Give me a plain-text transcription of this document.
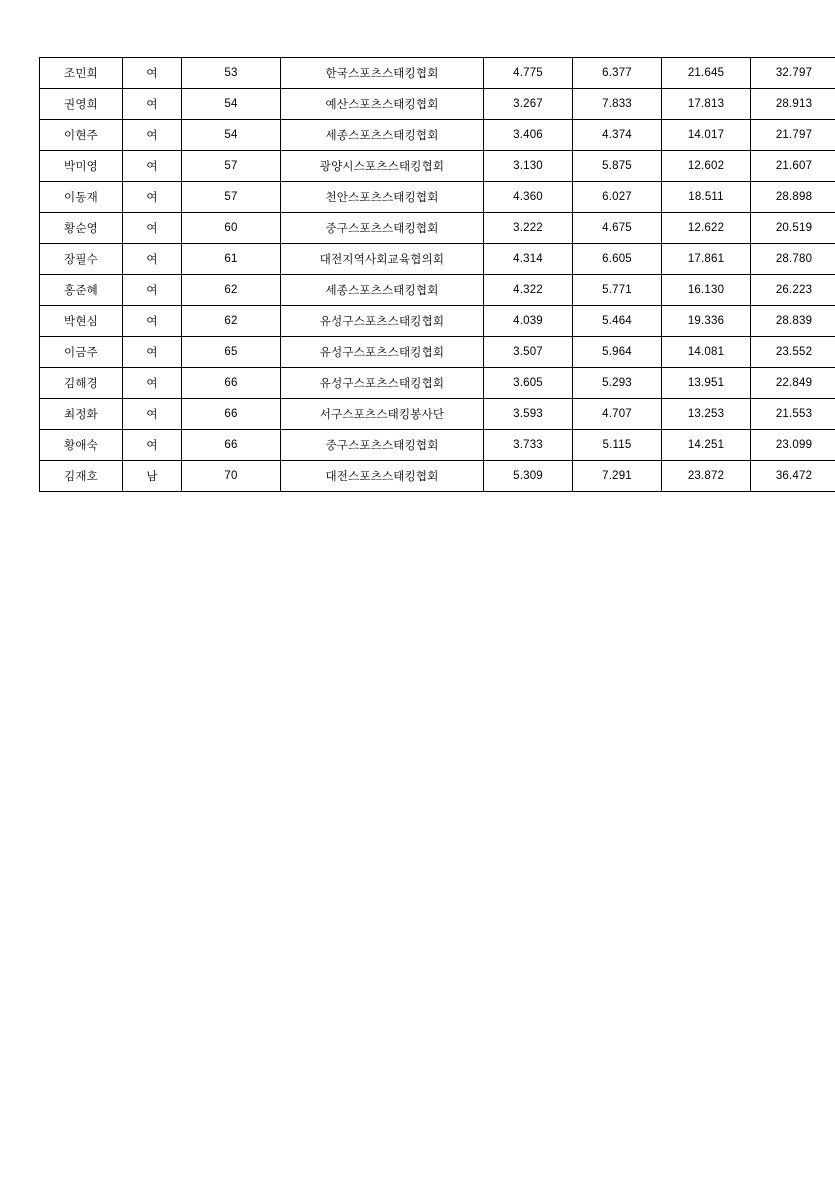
조민희	여	53	한국스포츠스태킹협회	4.775	6.377	21.645	32.797
권영희	여	54	예산스포츠스태킹협회	3.267	7.833	17.813	28.913
이현주	여	54	세종스포츠스태킹협회	3.406	4.374	14.017	21.797
박미영	여	57	광양시스포츠스태킹협회	3.130	5.875	12.602	21.607
이동재	여	57	천안스포츠스태킹협회	4.360	6.027	18.511	28.898
황순영	여	60	중구스포츠스태킹협회	3.222	4.675	12.622	20.519
장필수	여	61	대전지역사회교육협의회	4.314	6.605	17.861	28.780
홍준혜	여	62	세종스포츠스태킹협회	4.322	5.771	16.130	26.223
박현심	여	62	유성구스포츠스태킹협회	4.039	5.464	19.336	28.839
이금주	여	65	유성구스포츠스태킹협회	3.507	5.964	14.081	23.552
김해경	여	66	유성구스포츠스태킹협회	3.605	5.293	13.951	22.849
최정화	여	66	서구스포츠스태킹봉사단	3.593	4.707	13.253	21.553
황애숙	여	66	중구스포츠스태킹협회	3.733	5.115	14.251	23.099
김재호	남	70	대전스포츠스태킹협회	5.309	7.291	23.872	36.472
